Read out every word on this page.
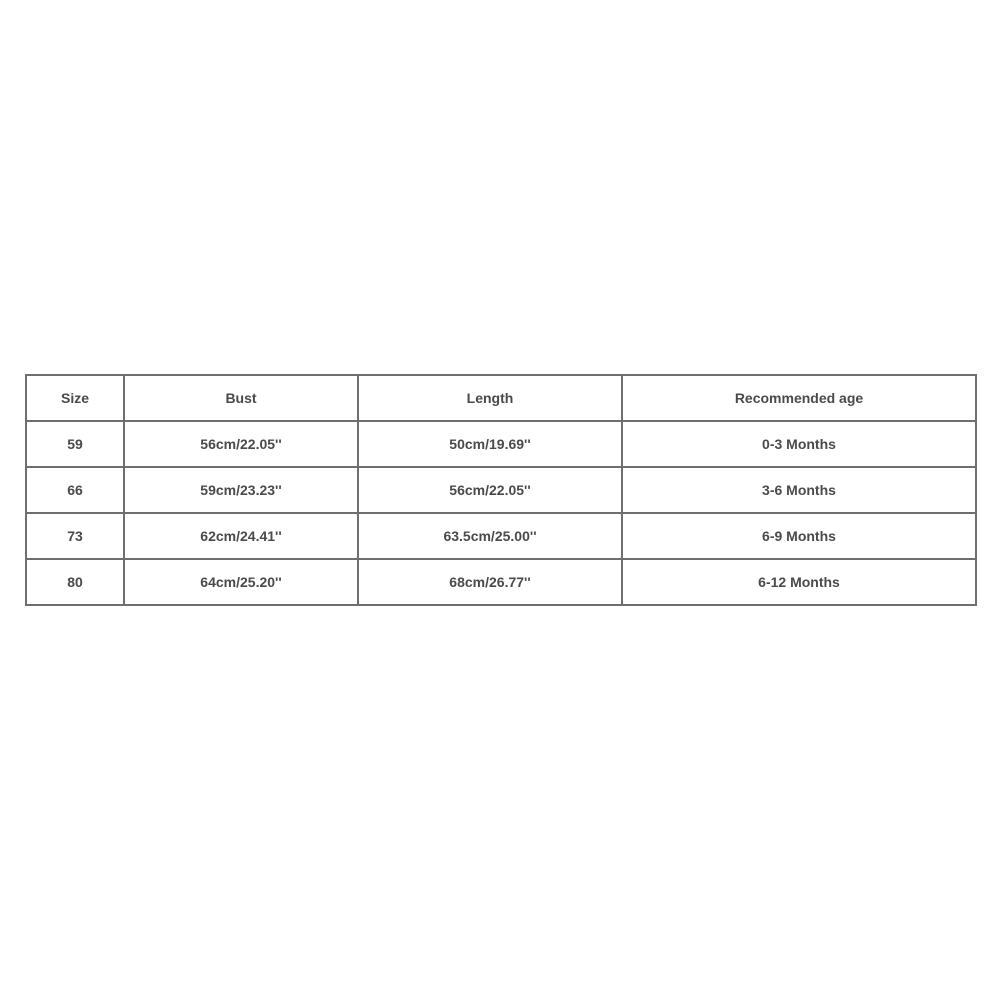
Size	Bust	Length	Recommended age
59	56cm/22.05''	50cm/19.69''	0-3 Months
66	59cm/23.23''	56cm/22.05''	3-6 Months
73	62cm/24.41''	63.5cm/25.00''	6-9 Months
80	64cm/25.20''	68cm/26.77''	6-12 Months
